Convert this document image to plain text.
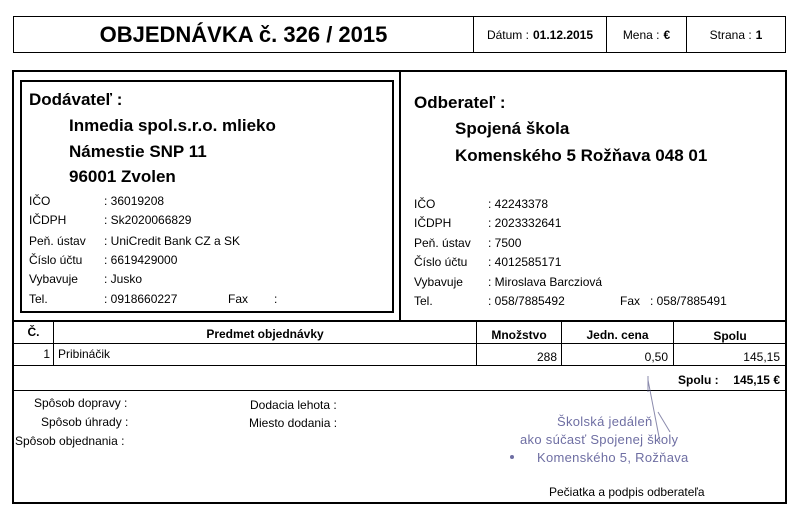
OBJEDNÁVKA č. 326 / 2015	Dátum : 01.12.2015 Mena : €	Strana : 1
Dodávateľ :
Inmedia spol.s.r.o. mlieko
Námestie SNP 11
96001 Zvolen
IČO	: 36019208
IČDPH	: Sk2020066829
Peň. ústav : UniCredit Bank CZ a SK
Číslo účtu : 6619429000
Vybavuje : Jusko
Tel.	: 0918660227	Fax :
Odberateľ :
Spojená škola
Komenského 5 Rožňava 048 01
IČO	: 42243378
IČDPH	: 2023332641
Peň. ústav : 7500
Číslo účtu : 4012585171
Vybavuje : Miroslava Barcziová
Tel.	: 058/7885492	Fax : 058/7885491
Č.	Predmet objednávky	Množstvo	Jedn. cena	Spolu
1 Pribináčik	288	0,50	145,15
Spolu :	145,15 €
Spôsob dopravy :
Spôsob úhrady :
Spôsob objednania :
Dodacia lehota :
Miesto dodania :	Školská jedáleň
ako súčasť Spojenej školy
Komenského 5, Rožňava
Pečiatka a podpis odberateľa
